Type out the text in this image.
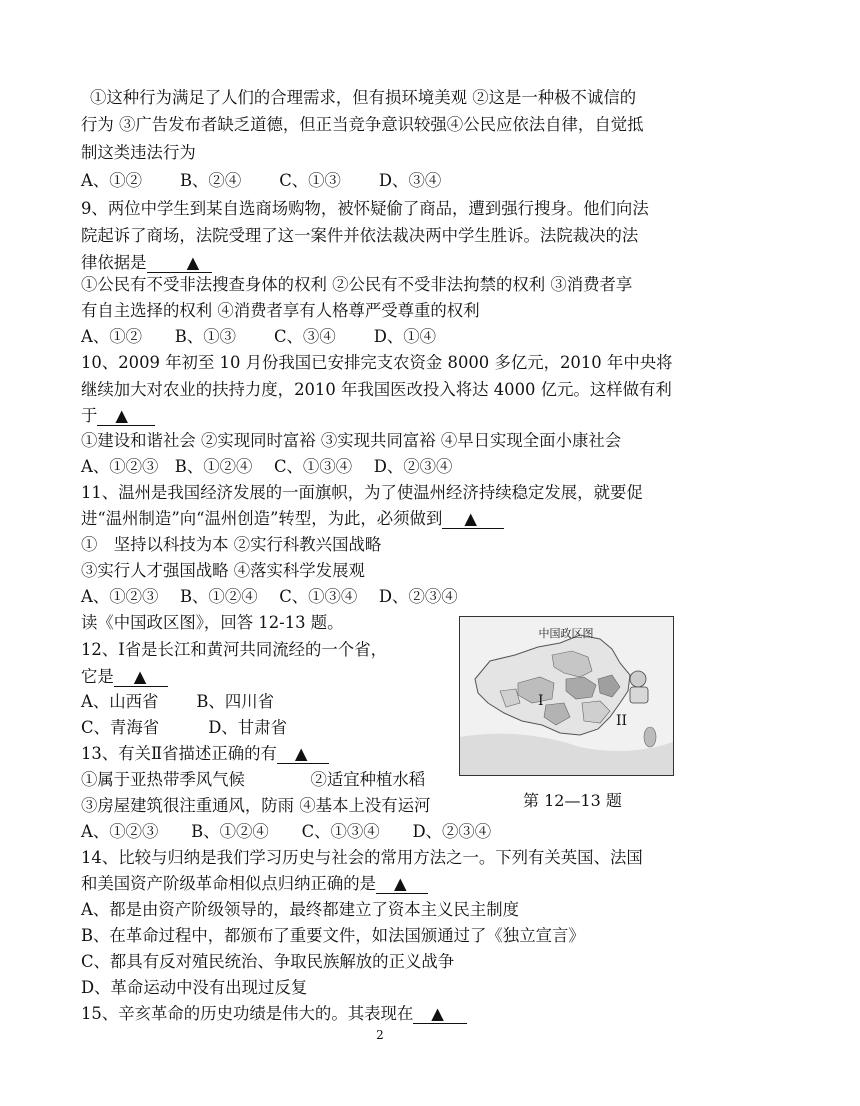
①这种行为满足了人们的合理需求，但有损环境美观 ②这是一种极不诚信的
行为 ③广告发布者缺乏道德，但正当竞争意识较强④公民应依法自律，自觉抵
制这类违法行为
A、①②　　 B、②④　　 C、①③　　 D、③④
9、两位中学生到某自选商场购物，被怀疑偷了商品，遭到强行搜身。他们向法
院起诉了商场，法院受理了这一案件并依法裁决两中学生胜诉。法院裁决的法
律依据是 ▲
①公民有不受非法搜查身体的权利 ②公民有不受非法拘禁的权利 ③消费者享
有自主选择的权利 ④消费者享有人格尊严受尊重的权利
A、①②　　B、①③　　 C、③④　　 D、①④
10、2009 年初至 10 月份我国已安排完支农资金 8000 多亿元，2010 年中央将
继续加大对农业的扶持力度，2010 年我国医改投入将达 4000 亿元。这样做有利
于 ▲
①建设和谐社会 ②实现同时富裕 ③实现共同富裕 ④早日实现全面小康社会
A、①②③　B、①②④　 C、①③④　 D、②③④
11、温州是我国经济发展的一面旗帜，为了使温州经济持续稳定发展，就要促
进“温州制造”向“温州创造”转型，为此，必须做到 ▲
①　坚持以科技为本 ②实行科教兴国战略
③实行人才强国战略 ④落实科学发展观
A、①②③　 B、①②④　 C、①③④　 D、②③④
读《中国政区图》，回答 12-13 题。
12、Ⅰ省是长江和黄河共同流经的一个省，
它是 ▲
A、山西省　　 B、四川省
C、青海省　　　D、甘肃省
13、有关Ⅱ省描述正确的有 ▲
①属于亚热带季风气候　　　　②适宜种植水稻
③房屋建筑很注重通风，防雨 ④基本上没有运河
A、①②③　　B、①②④　　C、①③④　　D、②③④
中国政区图
I
II
第 12—13 题
14、比较与归纳是我们学习历史与社会的常用方法之一。下列有关英国、法国
和美国资产阶级革命相似点归纳正确的是 ▲
A、都是由资产阶级领导的，最终都建立了资本主义民主制度
B、在革命过程中，都颁布了重要文件，如法国颁通过了《独立宣言》
C、都具有反对殖民统治、争取民族解放的正义战争
D、革命运动中没有出现过反复
15、辛亥革命的历史功绩是伟大的。其表现在 ▲
2
